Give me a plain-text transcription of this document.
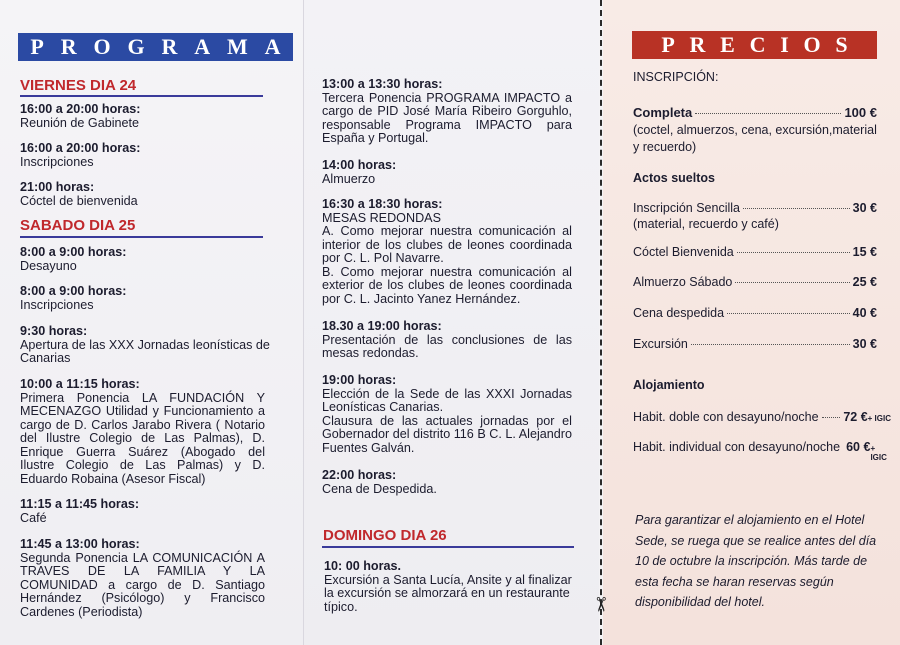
✂
P R O G R A M A
VIERNES DIA 24
16:00 a 20:00 horas:
Reunión de Gabinete
16:00 a 20:00 horas:
Inscripciones
21:00 horas:
Cóctel de bienvenida
SABADO DIA 25
8:00 a 9:00 horas:
Desayuno
8:00 a 9:00 horas:
Inscripciones
9:30 horas:
Apertura de las XXX Jornadas leonísticas de Canarias
10:00 a 11:15 horas:
Primera Ponencia LA FUNDACIÓN Y MECENAZGO Utilidad y Funcionamiento a cargo de D. Carlos Jarabo Rivera ( Notario del Ilustre Colegio de Las Palmas), D. Enrique Guerra Suárez (Abogado del Ilustre Colegio de Las Palmas) y D. Eduardo Robaina (Asesor Fiscal)
11:15 a 11:45 horas:
Café
11:45 a 13:00 horas:
Segunda Ponencia LA COMUNICACIÓN A TRAVES DE LA FAMILIA Y LA COMUNIDAD a cargo de D. Santiago Hernández (Psicólogo) y Francisco Cardenes (Periodista)
13:00 a 13:30 horas:
Tercera Ponencia PROGRAMA IMPACTO a cargo de PID José María Ribeiro Gorguhlo, responsable Programa IMPACTO para España y Portugal.
14:00 horas:
Almuerzo
16:30 a 18:30 horas:
MESAS REDONDAS
A. Como mejorar nuestra comunicación al interior de los clubes de leones coordinada por C. L. Pol Navarre.
B. Como mejorar nuestra comunicación al exterior de los clubes de leones coordinada por C. L. Jacinto Yanez Hernández.
18.30 a 19:00 horas:
Presentación de las conclusiones de las mesas redondas.
19:00 horas:
Elección de la Sede de las XXXI Jornadas Leonísticas Canarias.
Clausura de las actuales jornadas por el Gobernador del distrito 116 B C. L. Alejandro Fuentes Galván.
22:00 horas:
Cena de Despedida.
DOMINGO DIA 26
10: 00 horas.
Excursión a Santa Lucía, Ansite y al finalizar la excursión se almorzará en un restaurante típico.
P R E C I O S
INSCRIPCIÓN:
Completa	100 €
(coctel, almuerzos, cena, excursión,material y recuerdo)
Actos sueltos
Inscripción Sencilla	30 €
(material, recuerdo y café)
Cóctel Bienvenida	15 €
Almuerzo Sábado	25 €
Cena despedida	40 €
Excursión	30 €
Alojamiento
Habit. doble con desayuno/noche 72 € + IGIC
Habit. individual con desayuno/noche 60 € + IGIC
Para garantizar el alojamiento en el Hotel Sede, se ruega que se realice antes del día 10 de octubre la inscripción. Más tarde de esta fecha se haran reservas según disponibilidad del hotel.
